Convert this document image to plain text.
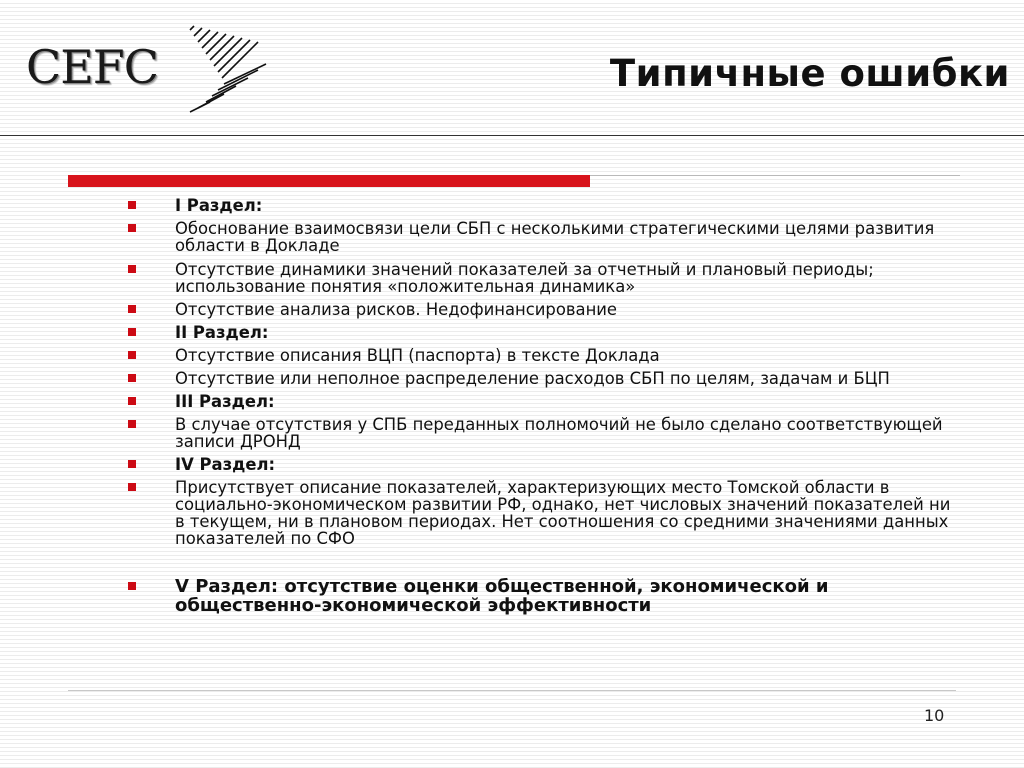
CEFC	Типичные ошибки
I Раздел:
Обоснование взаимосвязи цели СБП с несколькими стратегическими целями развития области в Докладе
Отсутствие динамики значений показателей за отчетный и плановый периоды; использование понятия «положительная динамика»
Отсутствие анализа рисков. Недофинансирование
II Раздел:
Отсутствие описания ВЦП (паспорта) в тексте Доклада
Отсутствие или неполное распределение расходов СБП по целям, задачам и БЦП
III Раздел:
В случае отсутствия у СПБ переданных полномочий не было сделано соответствующей записи ДРОНД
IV Раздел:
Присутствует описание показателей, характеризующих место Томской области в социально-экономическом развитии РФ, однако, нет числовых значений показателей ни в текущем, ни в плановом периодах. Нет соотношения со средними значениями данных показателей по СФО
V Раздел: отсутствие оценки общественной, экономической и общественно-экономической эффективности
10
